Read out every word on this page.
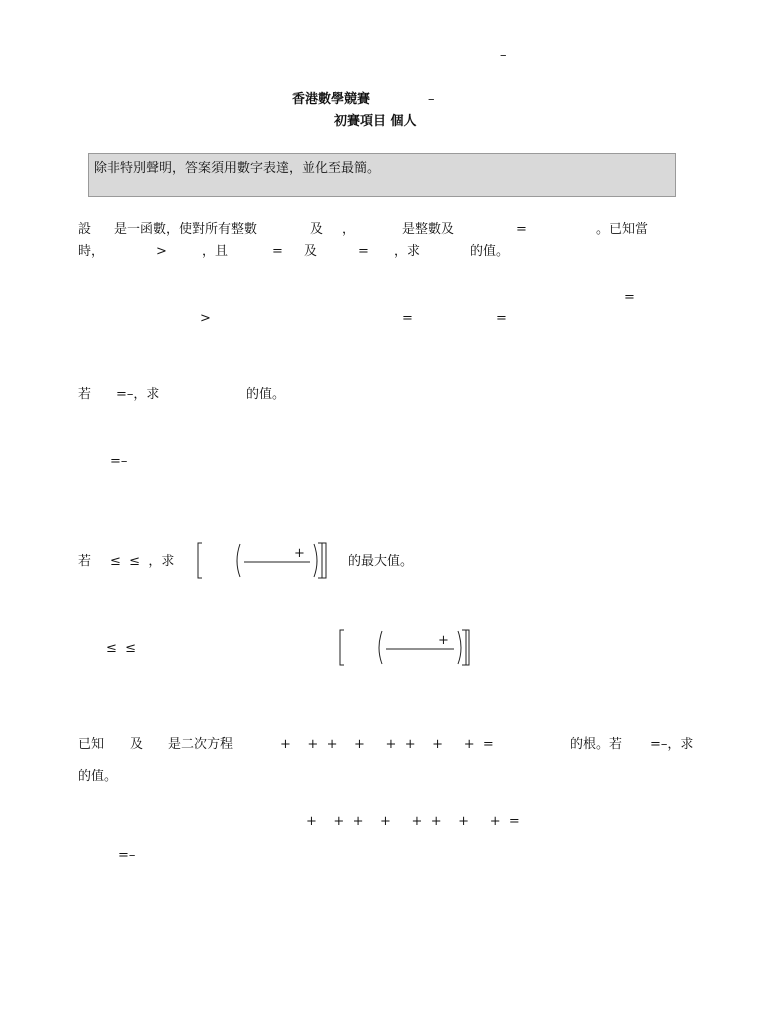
–
香港數學競賽	–
初賽項目 個人
除非特別聲明，答案須用數字表達，並化至最簡。
設 是一函數，使對所有整數	及 ，	是整數及	=	。已知當
時，	>	，且	= 及	= ，求	的值。
=
>	=	=
若 =–，求	的值。
=–
若 ≤  ≤  ，求
+
的最大值。
≤  ≤
+
已知 及 是二次方程	+    +  +    +     +  +    +     +  =	的根。若 =–，求
的值。
+    +  +    +     +  +    +     +  =
=–
